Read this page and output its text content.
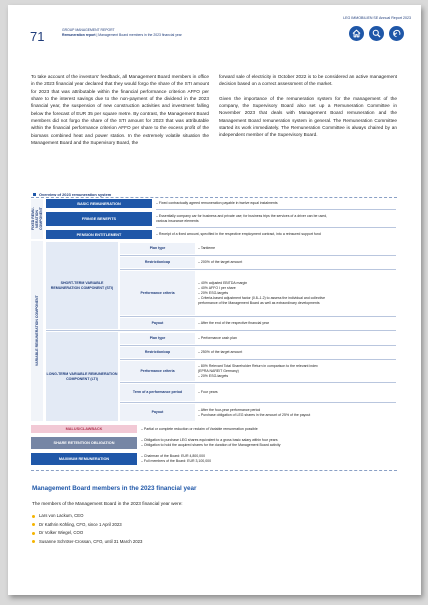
71	GROUP MANAGEMENT REPORT
Remuneration report | Management Board members in the 2023 financial year
LEG IMMOBILIEN SE Annual Report 2023

To take account of the investors' feedback, all Management Board members in office in the 2023 financial year declared that they would forgo the share of the STI amount for 2023 that was attributable within the financial performance criterion AFFO per share to the interest savings due to the non-payment of the dividend in the 2023 financial year, the suspension of new construction activities and investment falling below the forecast of EUR 35 per square metre. By contrast, the Management Board members did not forgo the share of the STI amount for 2023 that was attributable within the financial performance criterion AFFO per share to the excess profit of the biomass combined heat and power station. In the extremely volatile situation the Management Board and the Supervisory Board, the

forward sale of electricity in October 2022 is to be considered an active management decision based on a correct assessment of the market.

Given the importance of the remuneration system for the management of the company, the Supervisory Board also set up a Remuneration Committee in November 2023 that deals with Management Board remuneration and the Management Board remuneration system in general. The Remuneration Committee started its work immediately. The Remuneration Committee is always chaired by an independent member of the Supervisory Board.

Overview of 2023 remuneration system
FIXED REMU-NERATION COMPONENT
BASIC REMUNERATION	– Fixed contractually agreed remuneration payable in twelve equal instalments
FRINGE BENEFITS
– Essentially company car for business and private use; for business trips the services of a driver can be used,
various insurance elements
PENSION ENTITLEMENT	– Receipt of a fixed amount, specified in the respective employment contract, into a reinsured support fund
VARIABLE REMUNERATION COMPONENT
SHORT-TERM VARIABLE REMUNERATION COMPONENT (STI)
Plan type	– Tantieme
Restriction/cap	– 200% of the target amount
Performance criteria
– 40% adjusted EBITDA margin
– 40% AFFO I per share
– 20% ESG-targets
– Criteria-based adjustment factor (0.8–1.2) to assess the individual and collective
performance of the Management Board as well as extraordinary developments
Payout	– After the end of the respective financial year
LONG-TERM VARIABLE REMUNERATION COMPONENT (LTI)
Plan type	– Performance cash plan
Restriction/cap	– 250% of the target amount
Performance criteria
– 80% Relevant Total Shareholder Return in comparison to the relevant index
(EPRA NAREIT Germany)
– 20% ESG-targets
Term of a performance period	– Four years
Payout
– After the four-year performance period
– Purchase obligation of LEG shares in the amount of 25% of the payout
MALUS/CLAWBACK	– Partial or complete reduction or reclaim of Variable remuneration possible
SHARE RETENTION OBLIGATION
– Obligation to purchase LEG shares equivalent to a gross basic salary within four years
– Obligation to hold the acquired shares for the duration of the Management Board activity
MAXIMUM REMUNERATION
– Chairman of the Board: EUR 4,800,000
– Full members of the Board: EUR 3,100,000
Management Board members in the 2023 financial year
The members of the Management Board in the 2023 financial year were:
Lars von Lackum, CEO
Dr Kathrin Köhling, CFO, since 1 April 2023
Dr Volker Wiegel, COO
Susanne Schröter-Crossan, CFO, until 31 March 2023
